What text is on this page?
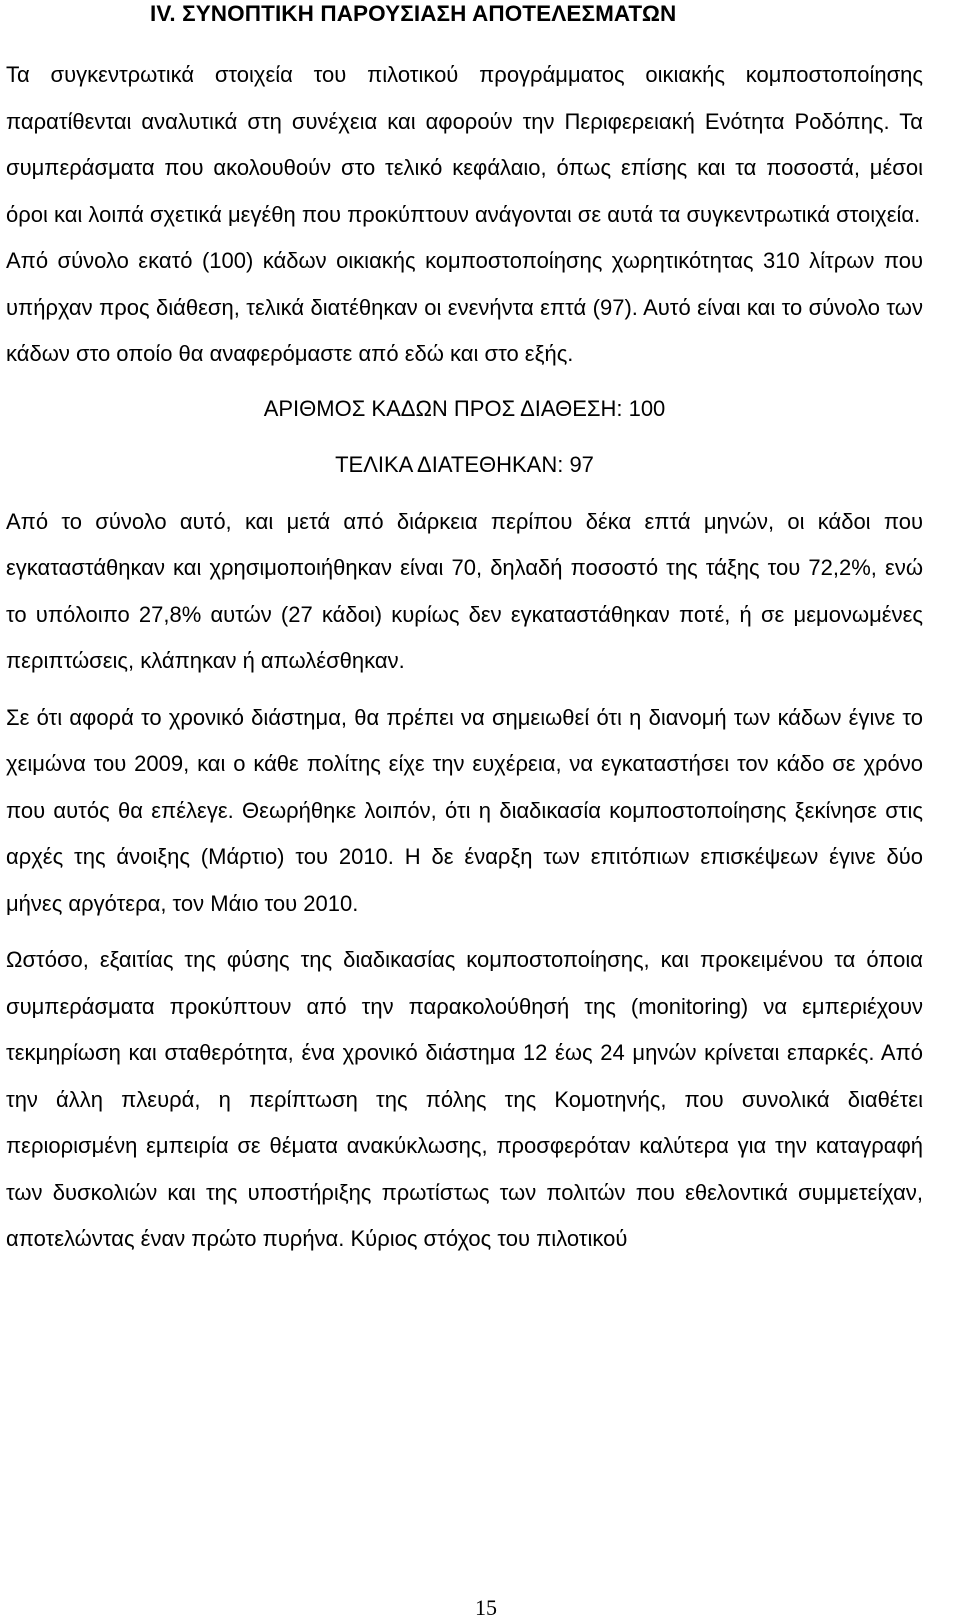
IV. ΣΥΝΟΠΤΙΚΗ ΠΑΡΟΥΣΙΑΣΗ ΑΠΟΤΕΛΕΣΜΑΤΩΝ

Τα συγκεντρωτικά στοιχεία του πιλοτικού προγράμματος οικιακής κομποστοποίησης παρατίθενται αναλυτικά στη συνέχεια και αφορούν την Περιφερειακή Ενότητα Ροδόπης. Τα συμπεράσματα που ακολουθούν στο τελικό κεφάλαιο, όπως επίσης και τα ποσοστά, μέσοι όροι και λοιπά σχετικά μεγέθη που προκύπτουν ανάγονται σε αυτά τα συγκεντρωτικά στοιχεία.

Από σύνολο εκατό (100) κάδων οικιακής κομποστοποίησης χωρητικότητας 310 λίτρων που υπήρχαν προς διάθεση, τελικά διατέθηκαν οι ενενήντα επτά (97). Αυτό είναι και το σύνολο των κάδων στο οποίο θα αναφερόμαστε από εδώ και στο εξής.

ΑΡΙΘΜΟΣ ΚΑΔΩΝ ΠΡΟΣ ΔΙΑΘΕΣΗ: 100

ΤΕΛΙΚΑ ΔΙΑΤΕΘΗΚΑΝ: 97

Από το σύνολο αυτό, και μετά από διάρκεια περίπου δέκα επτά μηνών, οι κάδοι που εγκαταστάθηκαν και χρησιμοποιήθηκαν είναι 70, δηλαδή ποσοστό της τάξης του 72,2%, ενώ το υπόλοιπο 27,8% αυτών (27 κάδοι) κυρίως δεν εγκαταστάθηκαν ποτέ, ή σε μεμονωμένες περιπτώσεις, κλάπηκαν ή απωλέσθηκαν.

Σε ότι αφορά το χρονικό διάστημα, θα πρέπει να σημειωθεί ότι η διανομή των κάδων έγινε το χειμώνα του 2009, και ο κάθε πολίτης είχε την ευχέρεια, να εγκαταστήσει τον κάδο σε χρόνο που αυτός θα επέλεγε. Θεωρήθηκε λοιπόν, ότι η διαδικασία κομποστοποίησης ξεκίνησε στις αρχές της άνοιξης (Μάρτιο) του 2010. Η δε έναρξη των επιτόπιων επισκέψεων έγινε δύο μήνες αργότερα, τον Μάιο του 2010.

Ωστόσο, εξαιτίας της φύσης της διαδικασίας κομποστοποίησης, και προκειμένου τα όποια συμπεράσματα προκύπτουν από την παρακολούθησή της (monitoring) να εμπεριέχουν τεκμηρίωση και σταθερότητα, ένα χρονικό διάστημα 12 έως 24 μηνών κρίνεται επαρκές. Από την άλλη πλευρά, η περίπτωση της πόλης της Κομοτηνής, που συνολικά διαθέτει περιορισμένη εμπειρία σε θέματα ανακύκλωσης, προσφερόταν καλύτερα για την καταγραφή των δυσκολιών και της υποστήριξης πρωτίστως των πολιτών που εθελοντικά συμμετείχαν, αποτελώντας έναν πρώτο πυρήνα. Κύριος στόχος του πιλοτικού

15
